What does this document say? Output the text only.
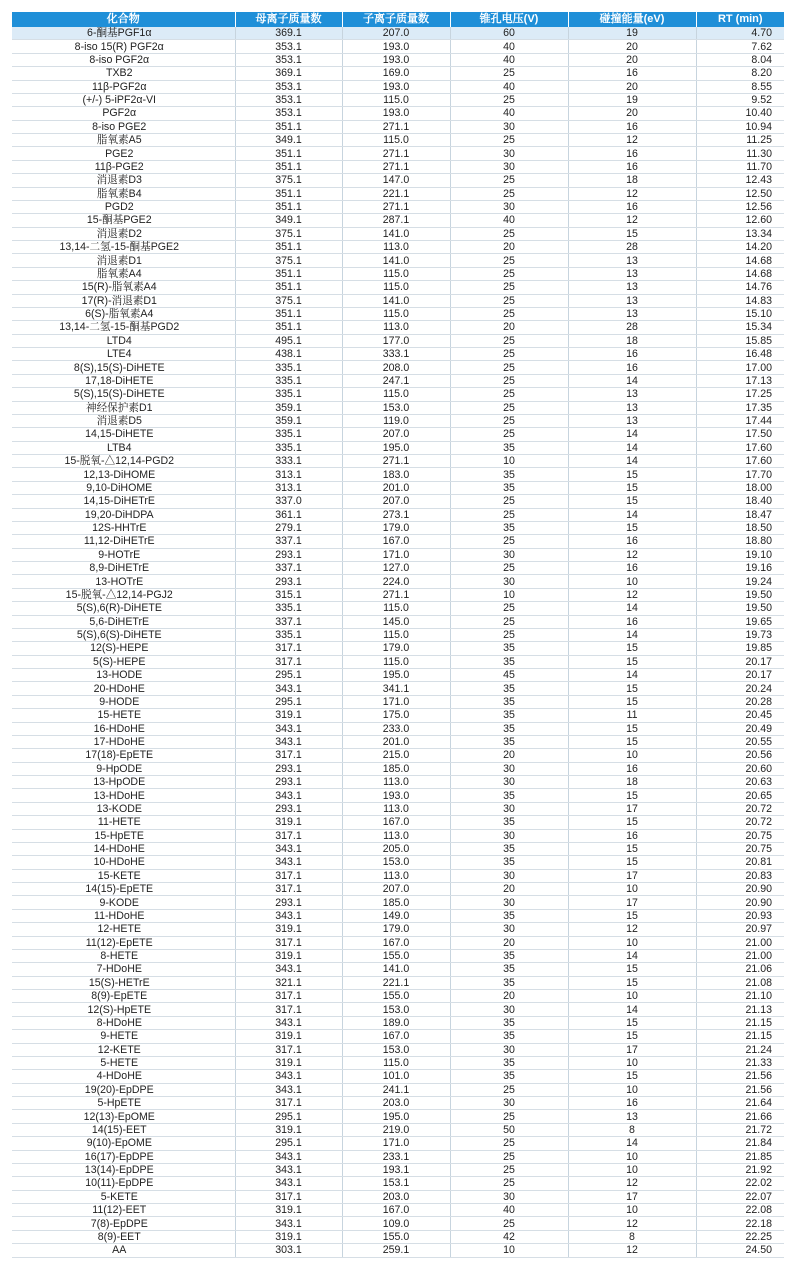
化合物	母离子质量数	子离子质量数	锥孔电压(V)	碰撞能量(eV)	RT (min)
6-酮基PGF1α	369.1	207.0	60	19	4.70
8-iso 15(R) PGF2α	353.1	193.0	40	20	7.62
8-iso PGF2α	353.1	193.0	40	20	8.04
TXB2	369.1	169.0	25	16	8.20
11β-PGF2α	353.1	193.0	40	20	8.55
(+/-) 5-iPF2α-VI	353.1	115.0	25	19	9.52
PGF2α	353.1	193.0	40	20	10.40
8-iso PGE2	351.1	271.1	30	16	10.94
脂氧素A5	349.1	115.0	25	12	11.25
PGE2	351.1	271.1	30	16	11.30
11β-PGE2	351.1	271.1	30	16	11.70
消退素D3	375.1	147.0	25	18	12.43
脂氧素B4	351.1	221.1	25	12	12.50
PGD2	351.1	271.1	30	16	12.56
15-酮基PGE2	349.1	287.1	40	12	12.60
消退素D2	375.1	141.0	25	15	13.34
13,14-二氢-15-酮基PGE2	351.1	113.0	20	28	14.20
消退素D1	375.1	141.0	25	13	14.68
脂氧素A4	351.1	115.0	25	13	14.68
15(R)-脂氧素A4	351.1	115.0	25	13	14.76
17(R)-消退素D1	375.1	141.0	25	13	14.83
6(S)-脂氧素A4	351.1	115.0	25	13	15.10
13,14-二氢-15-酮基PGD2	351.1	113.0	20	28	15.34
LTD4	495.1	177.0	25	18	15.85
LTE4	438.1	333.1	25	16	16.48
8(S),15(S)-DiHETE	335.1	208.0	25	16	17.00
17,18-DiHETE	335.1	247.1	25	14	17.13
5(S),15(S)-DiHETE	335.1	115.0	25	13	17.25
神经保护素D1	359.1	153.0	25	13	17.35
消退素D5	359.1	119.0	25	13	17.44
14,15-DiHETE	335.1	207.0	25	14	17.50
LTB4	335.1	195.0	35	14	17.60
15-脱氧-△12,14-PGD2	333.1	271.1	10	14	17.60
12,13-DiHOME	313.1	183.0	35	15	17.70
9,10-DiHOME	313.1	201.0	35	15	18.00
14,15-DiHETrE	337.0	207.0	25	15	18.40
19,20-DiHDPA	361.1	273.1	25	14	18.47
12S-HHTrE	279.1	179.0	35	15	18.50
11,12-DiHETrE	337.1	167.0	25	16	18.80
9-HOTrE	293.1	171.0	30	12	19.10
8,9-DiHETrE	337.1	127.0	25	16	19.16
13-HOTrE	293.1	224.0	30	10	19.24
15-脱氧-△12,14-PGJ2	315.1	271.1	10	12	19.50
5(S),6(R)-DiHETE	335.1	115.0	25	14	19.50
5,6-DiHETrE	337.1	145.0	25	16	19.65
5(S),6(S)-DiHETE	335.1	115.0	25	14	19.73
12(S)-HEPE	317.1	179.0	35	15	19.85
5(S)-HEPE	317.1	115.0	35	15	20.17
13-HODE	295.1	195.0	45	14	20.17
20-HDoHE	343.1	341.1	35	15	20.24
9-HODE	295.1	171.0	35	15	20.28
15-HETE	319.1	175.0	35	11	20.45
16-HDoHE	343.1	233.0	35	15	20.49
17-HDoHE	343.1	201.0	35	15	20.55
17(18)-EpETE	317.1	215.0	20	10	20.56
9-HpODE	293.1	185.0	30	16	20.60
13-HpODE	293.1	113.0	30	18	20.63
13-HDoHE	343.1	193.0	35	15	20.65
13-KODE	293.1	113.0	30	17	20.72
11-HETE	319.1	167.0	35	15	20.72
15-HpETE	317.1	113.0	30	16	20.75
14-HDoHE	343.1	205.0	35	15	20.75
10-HDoHE	343.1	153.0	35	15	20.81
15-KETE	317.1	113.0	30	17	20.83
14(15)-EpETE	317.1	207.0	20	10	20.90
9-KODE	293.1	185.0	30	17	20.90
11-HDoHE	343.1	149.0	35	15	20.93
12-HETE	319.1	179.0	30	12	20.97
11(12)-EpETE	317.1	167.0	20	10	21.00
8-HETE	319.1	155.0	35	14	21.00
7-HDoHE	343.1	141.0	35	15	21.06
15(S)-HETrE	321.1	221.1	35	15	21.08
8(9)-EpETE	317.1	155.0	20	10	21.10
12(S)-HpETE	317.1	153.0	30	14	21.13
8-HDoHE	343.1	189.0	35	15	21.15
9-HETE	319.1	167.0	35	15	21.15
12-KETE	317.1	153.0	30	17	21.24
5-HETE	319.1	115.0	35	10	21.33
4-HDoHE	343.1	101.0	35	15	21.56
19(20)-EpDPE	343.1	241.1	25	10	21.56
5-HpETE	317.1	203.0	30	16	21.64
12(13)-EpOME	295.1	195.0	25	13	21.66
14(15)-EET	319.1	219.0	50	8	21.72
9(10)-EpOME	295.1	171.0	25	14	21.84
16(17)-EpDPE	343.1	233.1	25	10	21.85
13(14)-EpDPE	343.1	193.1	25	10	21.92
10(11)-EpDPE	343.1	153.1	25	12	22.02
5-KETE	317.1	203.0	30	17	22.07
11(12)-EET	319.1	167.0	40	10	22.08
7(8)-EpDPE	343.1	109.0	25	12	22.18
8(9)-EET	319.1	155.0	42	8	22.25
AA	303.1	259.1	10	12	24.50
